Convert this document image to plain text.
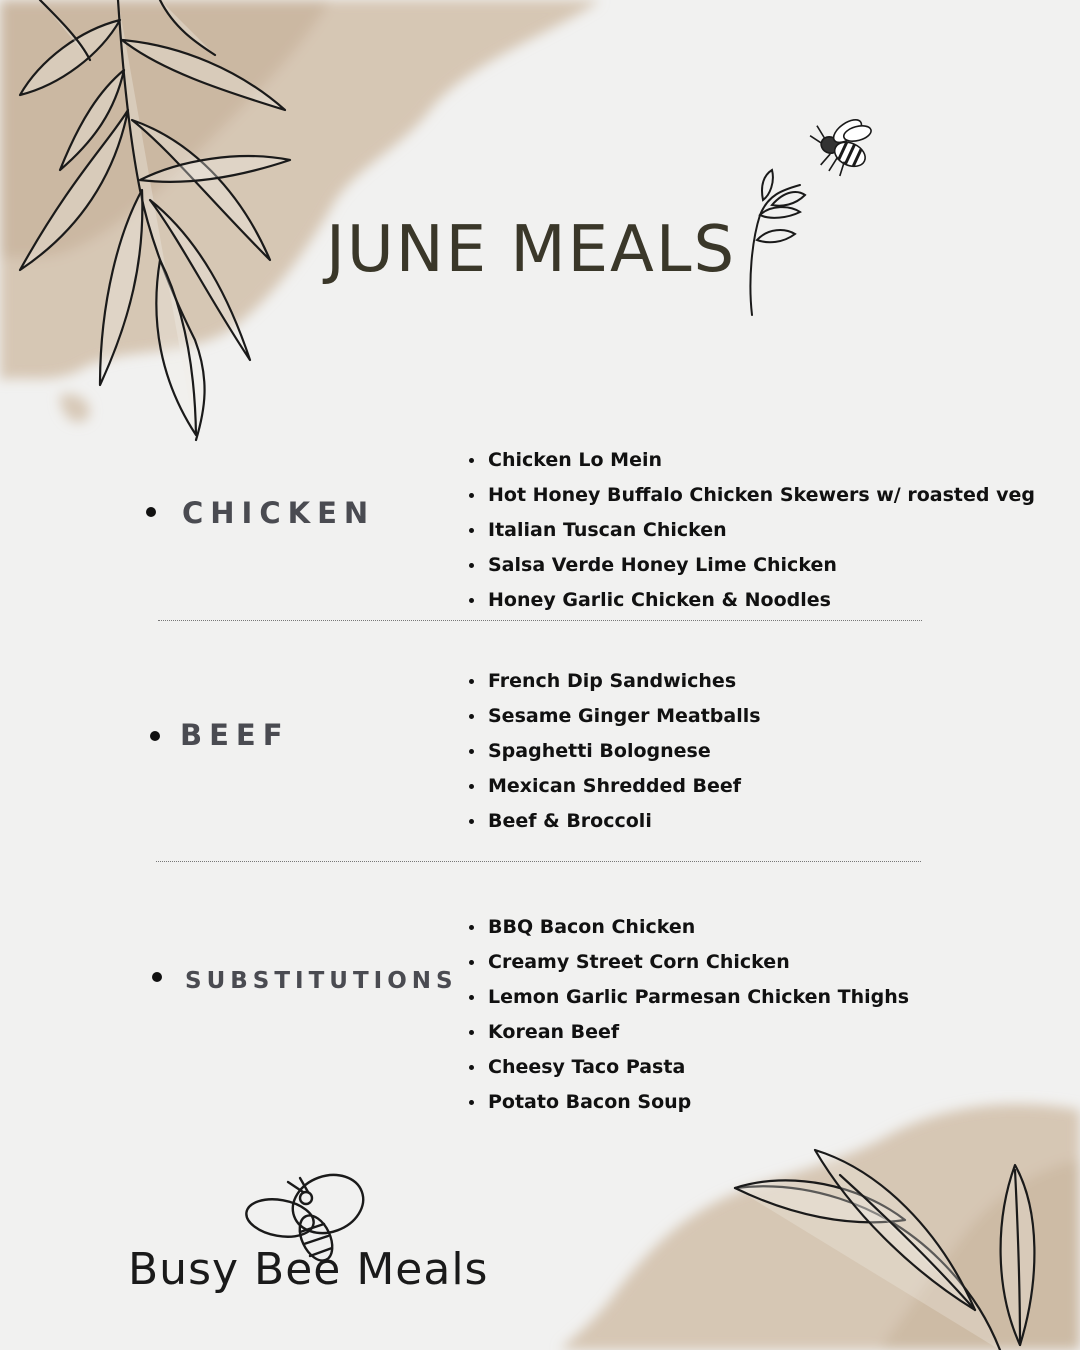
JUNE MEALS
CHICKEN
Chicken Lo Mein
Hot Honey Buffalo Chicken Skewers w/ roasted veg
Italian Tuscan Chicken
Salsa Verde Honey Lime Chicken
Honey Garlic Chicken & Noodles
BEEF
French Dip Sandwiches
Sesame Ginger Meatballs
Spaghetti Bolognese
Mexican Shredded Beef
Beef & Broccoli
SUBSTITUTIONS
BBQ Bacon Chicken
Creamy Street Corn Chicken
Lemon Garlic Parmesan Chicken Thighs
Korean Beef
Cheesy Taco Pasta
Potato Bacon Soup
Busy Bee Meals
